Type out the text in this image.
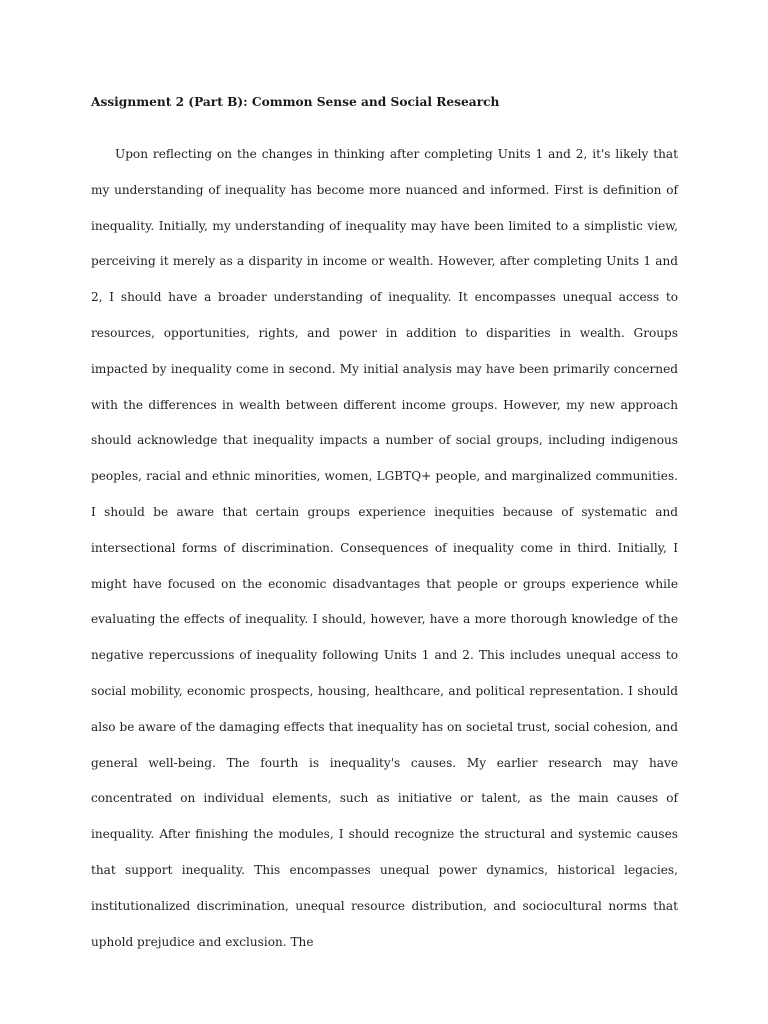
Assignment 2 (Part B): Common Sense and Social Research

Upon reflecting on the changes in thinking after completing Units 1 and 2, it's likely that my understanding of inequality has become more nuanced and informed. First is definition of inequality. Initially, my understanding of inequality may have been limited to a simplistic view, perceiving it merely as a disparity in income or wealth. However, after completing Units 1 and 2, I should have a broader understanding of inequality. It encompasses unequal access to resources, opportunities, rights, and power in addition to disparities in wealth. Groups impacted by inequality come in second. My initial analysis may have been primarily concerned with the differences in wealth between different income groups. However, my new approach should acknowledge that inequality impacts a number of social groups, including indigenous peoples, racial and ethnic minorities, women, LGBTQ+ people, and marginalized communities. I should be aware that certain groups experience inequities because of systematic and intersectional forms of discrimination. Consequences of inequality come in third. Initially, I might have focused on the economic disadvantages that people or groups experience while evaluating the effects of inequality. I should, however, have a more thorough knowledge of the negative repercussions of inequality following Units 1 and 2. This includes unequal access to social mobility, economic prospects, housing, healthcare, and political representation. I should also be aware of the damaging effects that inequality has on societal trust, social cohesion, and general well-being. The fourth is inequality's causes. My earlier research may have concentrated on individual elements, such as initiative or talent, as the main causes of inequality. After finishing the modules, I should recognize the structural and systemic causes that support inequality. This encompasses unequal power dynamics, historical legacies, institutionalized discrimination, unequal resource distribution, and sociocultural norms that uphold prejudice and exclusion. The
